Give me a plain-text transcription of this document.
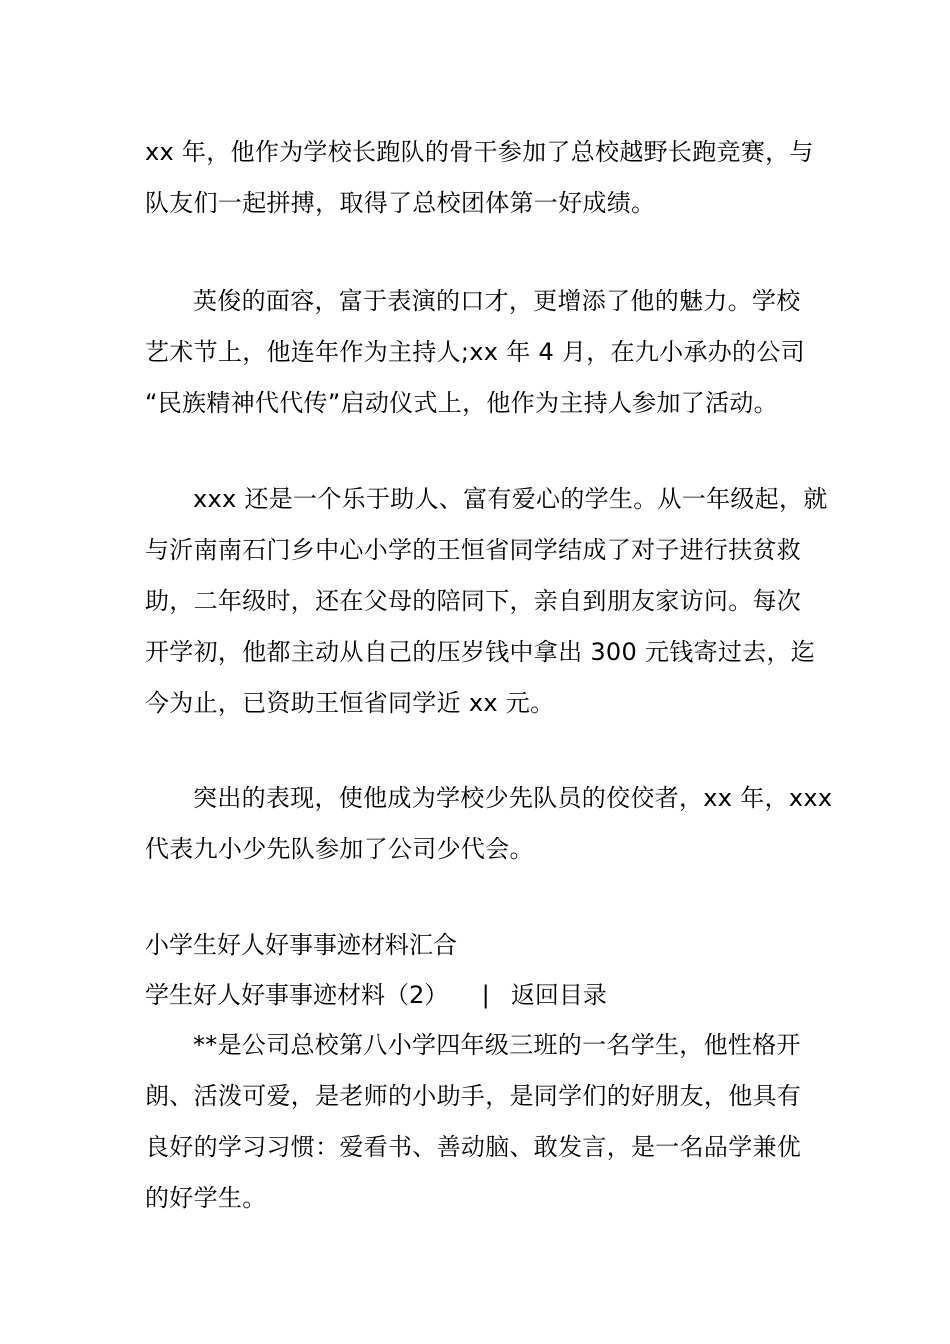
xx 年，他作为学校长跑队的骨干参加了总校越野长跑竞赛，与
队友们一起拼搏，取得了总校团体第一好成绩。

英俊的面容，富于表演的口才，更增添了他的魅力。学校
艺术节上，他连年作为主持人;xx 年 4 月，在九小承办的公司
“民族精神代代传”启动仪式上，他作为主持人参加了活动。

xxx 还是一个乐于助人、富有爱心的学生。从一年级起，就
与沂南南石门乡中心小学的王恒省同学结成了对子进行扶贫救
助，二年级时，还在父母的陪同下，亲自到朋友家访问。每次
开学初，他都主动从自己的压岁钱中拿出 300 元钱寄过去，迄
今为止，已资助王恒省同学近 xx 元。

突出的表现，使他成为学校少先队员的佼佼者，xx 年，xxx
代表九小少先队参加了公司少代会。

小学生好人好事事迹材料汇合

学生好人好事事迹材料（2） | 返回目录

**是公司总校第八小学四年级三班的一名学生，他性格开
朗、活泼可爱，是老师的小助手，是同学们的好朋友，他具有
良好的学习习惯：爱看书、善动脑、敢发言，是一名品学兼优
的好学生。
